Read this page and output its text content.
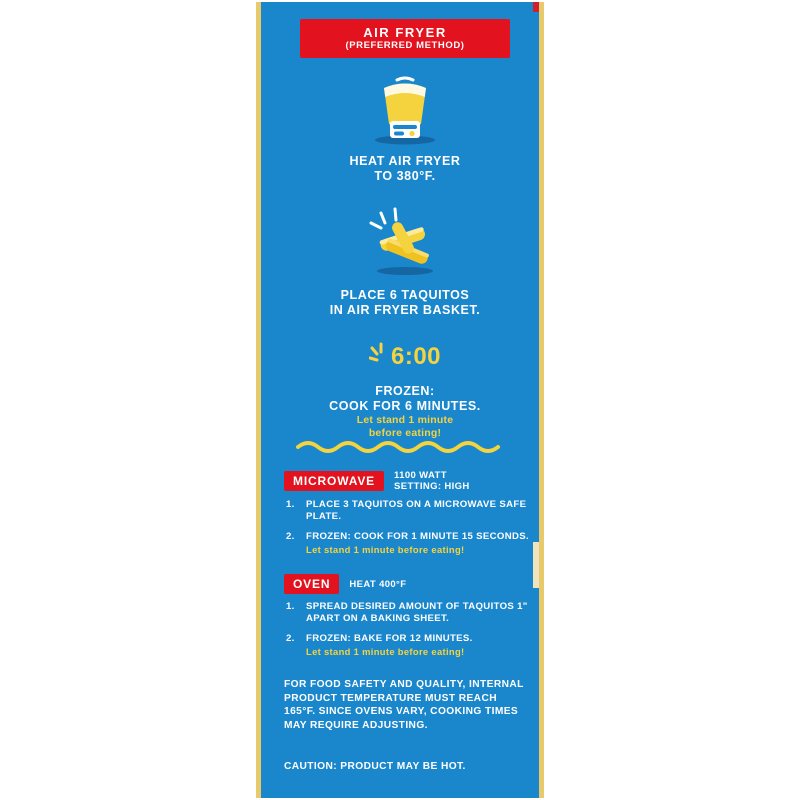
AIR FRYER
(PREFERRED METHOD)
HEAT AIR FRYER
TO 380°F.
PLACE 6 TAQUITOS
IN AIR FRYER BASKET.
6:00
FROZEN:
COOK FOR 6 MINUTES.
Let stand 1 minute
before eating!
MICROWAVE	1100 WATT
SETTING: HIGH
1. PLACE 3 TAQUITOS ON A MICROWAVE SAFE PLATE.
2. FROZEN: COOK FOR 1 MINUTE 15 SECONDS.
Let stand 1 minute before eating!
OVEN	HEAT 400°F
1. SPREAD DESIRED AMOUNT OF TAQUITOS 1" APART ON A BAKING SHEET.
2. FROZEN: BAKE FOR 12 MINUTES.
Let stand 1 minute before eating!
FOR FOOD SAFETY AND QUALITY, INTERNAL PRODUCT TEMPERATURE MUST REACH 165°F. SINCE OVENS VARY, COOKING TIMES MAY REQUIRE ADJUSTING.
CAUTION: PRODUCT MAY BE HOT.
